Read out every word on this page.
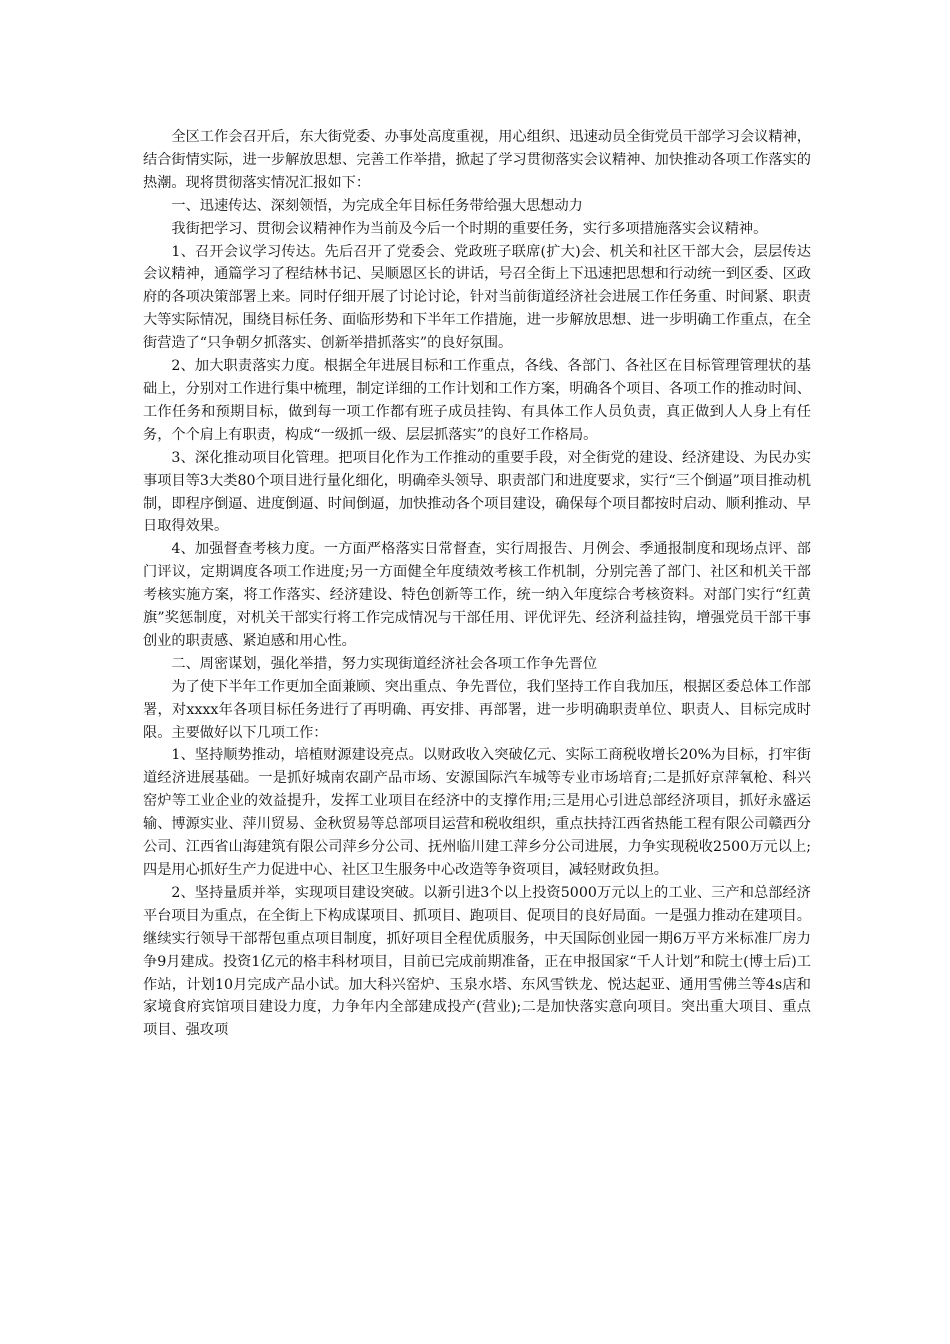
全区工作会召开后，东大街党委、办事处高度重视，用心组织、迅速动员全街党员干部学习会议精神，结合街情实际，进一步解放思想、完善工作举措，掀起了学习贯彻落实会议精神、加快推动各项工作落实的热潮。现将贯彻落实情况汇报如下：

一、迅速传达、深刻领悟，为完成全年目标任务带给强大思想动力

我街把学习、贯彻会议精神作为当前及今后一个时期的重要任务，实行多项措施落实会议精神。

1、召开会议学习传达。先后召开了党委会、党政班子联席(扩大)会、机关和社区干部大会，层层传达会议精神，通篇学习了程结林书记、吴顺恩区长的讲话，号召全街上下迅速把思想和行动统一到区委、区政府的各项决策部署上来。同时仔细开展了讨论讨论，针对当前街道经济社会进展工作任务重、时间紧、职责大等实际情况，围绕目标任务、面临形势和下半年工作措施，进一步解放思想、进一步明确工作重点，在全街营造了“只争朝夕抓落实、创新举措抓落实”的良好氛围。

2、加大职责落实力度。根据全年进展目标和工作重点，各线、各部门、各社区在目标管理管理状的基础上，分别对工作进行集中梳理，制定详细的工作计划和工作方案，明确各个项目、各项工作的推动时间、工作任务和预期目标，做到每一项工作都有班子成员挂钩、有具体工作人员负责，真正做到人人身上有任务，个个肩上有职责，构成“一级抓一级、层层抓落实”的良好工作格局。

3、深化推动项目化管理。把项目化作为工作推动的重要手段，对全街党的建设、经济建设、为民办实事项目等3大类80个项目进行量化细化，明确牵头领导、职责部门和进度要求，实行“三个倒逼”项目推动机制，即程序倒逼、进度倒逼、时间倒逼，加快推动各个项目建设，确保每个项目都按时启动、顺利推动、早日取得效果。

4、加强督查考核力度。一方面严格落实日常督查，实行周报告、月例会、季通报制度和现场点评、部门评议，定期调度各项工作进度;另一方面健全年度绩效考核工作机制，分别完善了部门、社区和机关干部考核实施方案，将工作落实、经济建设、特色创新等工作，统一纳入年度综合考核资料。对部门实行“红黄旗”奖惩制度，对机关干部实行将工作完成情况与干部任用、评优评先、经济利益挂钩，增强党员干部干事创业的职责感、紧迫感和用心性。

二、周密谋划，强化举措，努力实现街道经济社会各项工作争先晋位

为了使下半年工作更加全面兼顾、突出重点、争先晋位，我们坚持工作自我加压，根据区委总体工作部署，对xxxx年各项目标任务进行了再明确、再安排、再部署，进一步明确职责单位、职责人、目标完成时限。主要做好以下几项工作：

1、坚持顺势推动，培植财源建设亮点。以财政收入突破亿元、实际工商税收增长20%为目标，打牢街道经济进展基础。一是抓好城南农副产品市场、安源国际汽车城等专业市场培育;二是抓好京萍氧枪、科兴窑炉等工业企业的效益提升，发挥工业项目在经济中的支撑作用;三是用心引进总部经济项目，抓好永盛运输、博源实业、萍川贸易、金秋贸易等总部项目运营和税收组织，重点扶持江西省热能工程有限公司赣西分公司、江西省山海建筑有限公司萍乡分公司、抚州临川建工萍乡分公司进展，力争实现税收2500万元以上;四是用心抓好生产力促进中心、社区卫生服务中心改造等争资项目，减轻财政负担。

2、坚持量质并举，实现项目建设突破。以新引进3个以上投资5000万元以上的工业、三产和总部经济平台项目为重点，在全街上下构成谋项目、抓项目、跑项目、促项目的良好局面。一是强力推动在建项目。继续实行领导干部帮包重点项目制度，抓好项目全程优质服务，中天国际创业园一期6万平方米标准厂房力争9月建成。投资1亿元的格丰科材项目，目前已完成前期准备，正在申报国家“千人计划”和院士(博士后)工作站，计划10月完成产品小试。加大科兴窑炉、玉泉水塔、东风雪铁龙、悦达起亚、通用雪佛兰等4s店和家境食府宾馆项目建设力度，力争年内全部建成投产(营业);二是加快落实意向项目。突出重大项目、重点项目、强攻项
